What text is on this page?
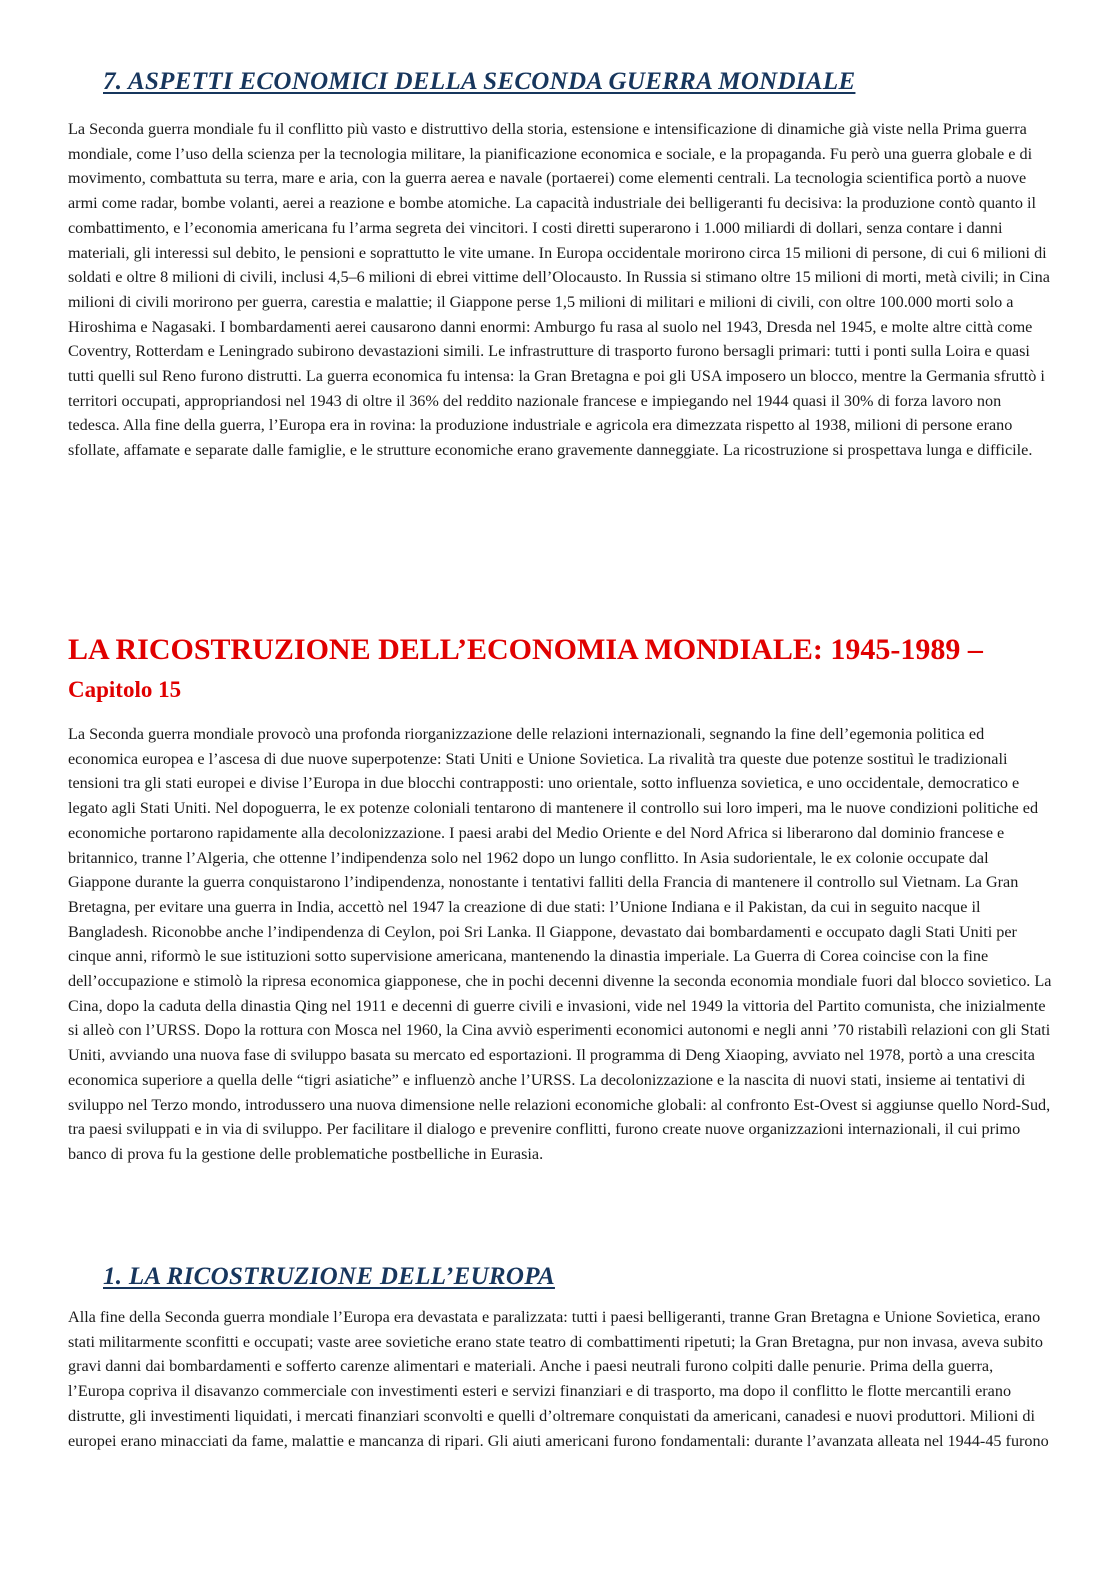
7. ASPETTI ECONOMICI DELLA SECONDA GUERRA MONDIALE

La Seconda guerra mondiale fu il conflitto più vasto e distruttivo della storia, estensione e intensificazione di dinamiche già viste nella Prima guerra mondiale, come l’uso della scienza per la tecnologia militare, la pianificazione economica e sociale, e la propaganda. Fu però una guerra globale e di movimento, combattuta su terra, mare e aria, con la guerra aerea e navale (portaerei) come elementi centrali. La tecnologia scientifica portò a nuove armi come radar, bombe volanti, aerei a reazione e bombe atomiche. La capacità industriale dei belligeranti fu decisiva: la produzione contò quanto il combattimento, e l’economia americana fu l’arma segreta dei vincitori. I costi diretti superarono i 1.000 miliardi di dollari, senza contare i danni materiali, gli interessi sul debito, le pensioni e soprattutto le vite umane. In Europa occidentale morirono circa 15 milioni di persone, di cui 6 milioni di soldati e oltre 8 milioni di civili, inclusi 4,5–6 milioni di ebrei vittime dell’Olocausto. In Russia si stimano oltre 15 milioni di morti, metà civili; in Cina milioni di civili morirono per guerra, carestia e malattie; il Giappone perse 1,5 milioni di militari e milioni di civili, con oltre 100.000 morti solo a Hiroshima e Nagasaki. I bombardamenti aerei causarono danni enormi: Amburgo fu rasa al suolo nel 1943, Dresda nel 1945, e molte altre città come Coventry, Rotterdam e Leningrado subirono devastazioni simili. Le infrastrutture di trasporto furono bersagli primari: tutti i ponti sulla Loira e quasi tutti quelli sul Reno furono distrutti. La guerra economica fu intensa: la Gran Bretagna e poi gli USA imposero un blocco, mentre la Germania sfruttò i territori occupati, appropriandosi nel 1943 di oltre il 36% del reddito nazionale francese e impiegando nel 1944 quasi il 30% di forza lavoro non tedesca. Alla fine della guerra, l’Europa era in rovina: la produzione industriale e agricola era dimezzata rispetto al 1938, milioni di persone erano sfollate, affamate e separate dalle famiglie, e le strutture economiche erano gravemente danneggiate. La ricostruzione si prospettava lunga e difficile.

LA RICOSTRUZIONE DELL’ECONOMIA MONDIALE: 1945-1989 –
Capitolo 15

La Seconda guerra mondiale provocò una profonda riorganizzazione delle relazioni internazionali, segnando la fine dell’egemonia politica ed economica europea e l’ascesa di due nuove superpotenze: Stati Uniti e Unione Sovietica. La rivalità tra queste due potenze sostituì le tradizionali tensioni tra gli stati europei e divise l’Europa in due blocchi contrapposti: uno orientale, sotto influenza sovietica, e uno occidentale, democratico e legato agli Stati Uniti. Nel dopoguerra, le ex potenze coloniali tentarono di mantenere il controllo sui loro imperi, ma le nuove condizioni politiche ed economiche portarono rapidamente alla decolonizzazione. I paesi arabi del Medio Oriente e del Nord Africa si liberarono dal dominio francese e britannico, tranne l’Algeria, che ottenne l’indipendenza solo nel 1962 dopo un lungo conflitto. In Asia sudorientale, le ex colonie occupate dal Giappone durante la guerra conquistarono l’indipendenza, nonostante i tentativi falliti della Francia di mantenere il controllo sul Vietnam. La Gran Bretagna, per evitare una guerra in India, accettò nel 1947 la creazione di due stati: l’Unione Indiana e il Pakistan, da cui in seguito nacque il Bangladesh. Riconobbe anche l’indipendenza di Ceylon, poi Sri Lanka. Il Giappone, devastato dai bombardamenti e occupato dagli Stati Uniti per cinque anni, riformò le sue istituzioni sotto supervisione americana, mantenendo la dinastia imperiale. La Guerra di Corea coincise con la fine dell’occupazione e stimolò la ripresa economica giapponese, che in pochi decenni divenne la seconda economia mondiale fuori dal blocco sovietico. La Cina, dopo la caduta della dinastia Qing nel 1911 e decenni di guerre civili e invasioni, vide nel 1949 la vittoria del Partito comunista, che inizialmente si alleò con l’URSS. Dopo la rottura con Mosca nel 1960, la Cina avviò esperimenti economici autonomi e negli anni ’70 ristabilì relazioni con gli Stati Uniti, avviando una nuova fase di sviluppo basata su mercato ed esportazioni. Il programma di Deng Xiaoping, avviato nel 1978, portò a una crescita economica superiore a quella delle “tigri asiatiche” e influenzò anche l’URSS. La decolonizzazione e la nascita di nuovi stati, insieme ai tentativi di sviluppo nel Terzo mondo, introdussero una nuova dimensione nelle relazioni economiche globali: al confronto Est-Ovest si aggiunse quello Nord-Sud, tra paesi sviluppati e in via di sviluppo. Per facilitare il dialogo e prevenire conflitti, furono create nuove organizzazioni internazionali, il cui primo banco di prova fu la gestione delle problematiche postbelliche in Eurasia.

1. LA RICOSTRUZIONE DELL’EUROPA

Alla fine della Seconda guerra mondiale l’Europa era devastata e paralizzata: tutti i paesi belligeranti, tranne Gran Bretagna e Unione Sovietica, erano stati militarmente sconfitti e occupati; vaste aree sovietiche erano state teatro di combattimenti ripetuti; la Gran Bretagna, pur non invasa, aveva subito gravi danni dai bombardamenti e sofferto carenze alimentari e materiali. Anche i paesi neutrali furono colpiti dalle penurie. Prima della guerra, l’Europa copriva il disavanzo commerciale con investimenti esteri e servizi finanziari e di trasporto, ma dopo il conflitto le flotte mercantili erano distrutte, gli investimenti liquidati, i mercati finanziari sconvolti e quelli d’oltremare conquistati da americani, canadesi e nuovi produttori. Milioni di europei erano minacciati da fame, malattie e mancanza di ripari. Gli aiuti americani furono fondamentali: durante l’avanzata alleata nel 1944-45 furono
